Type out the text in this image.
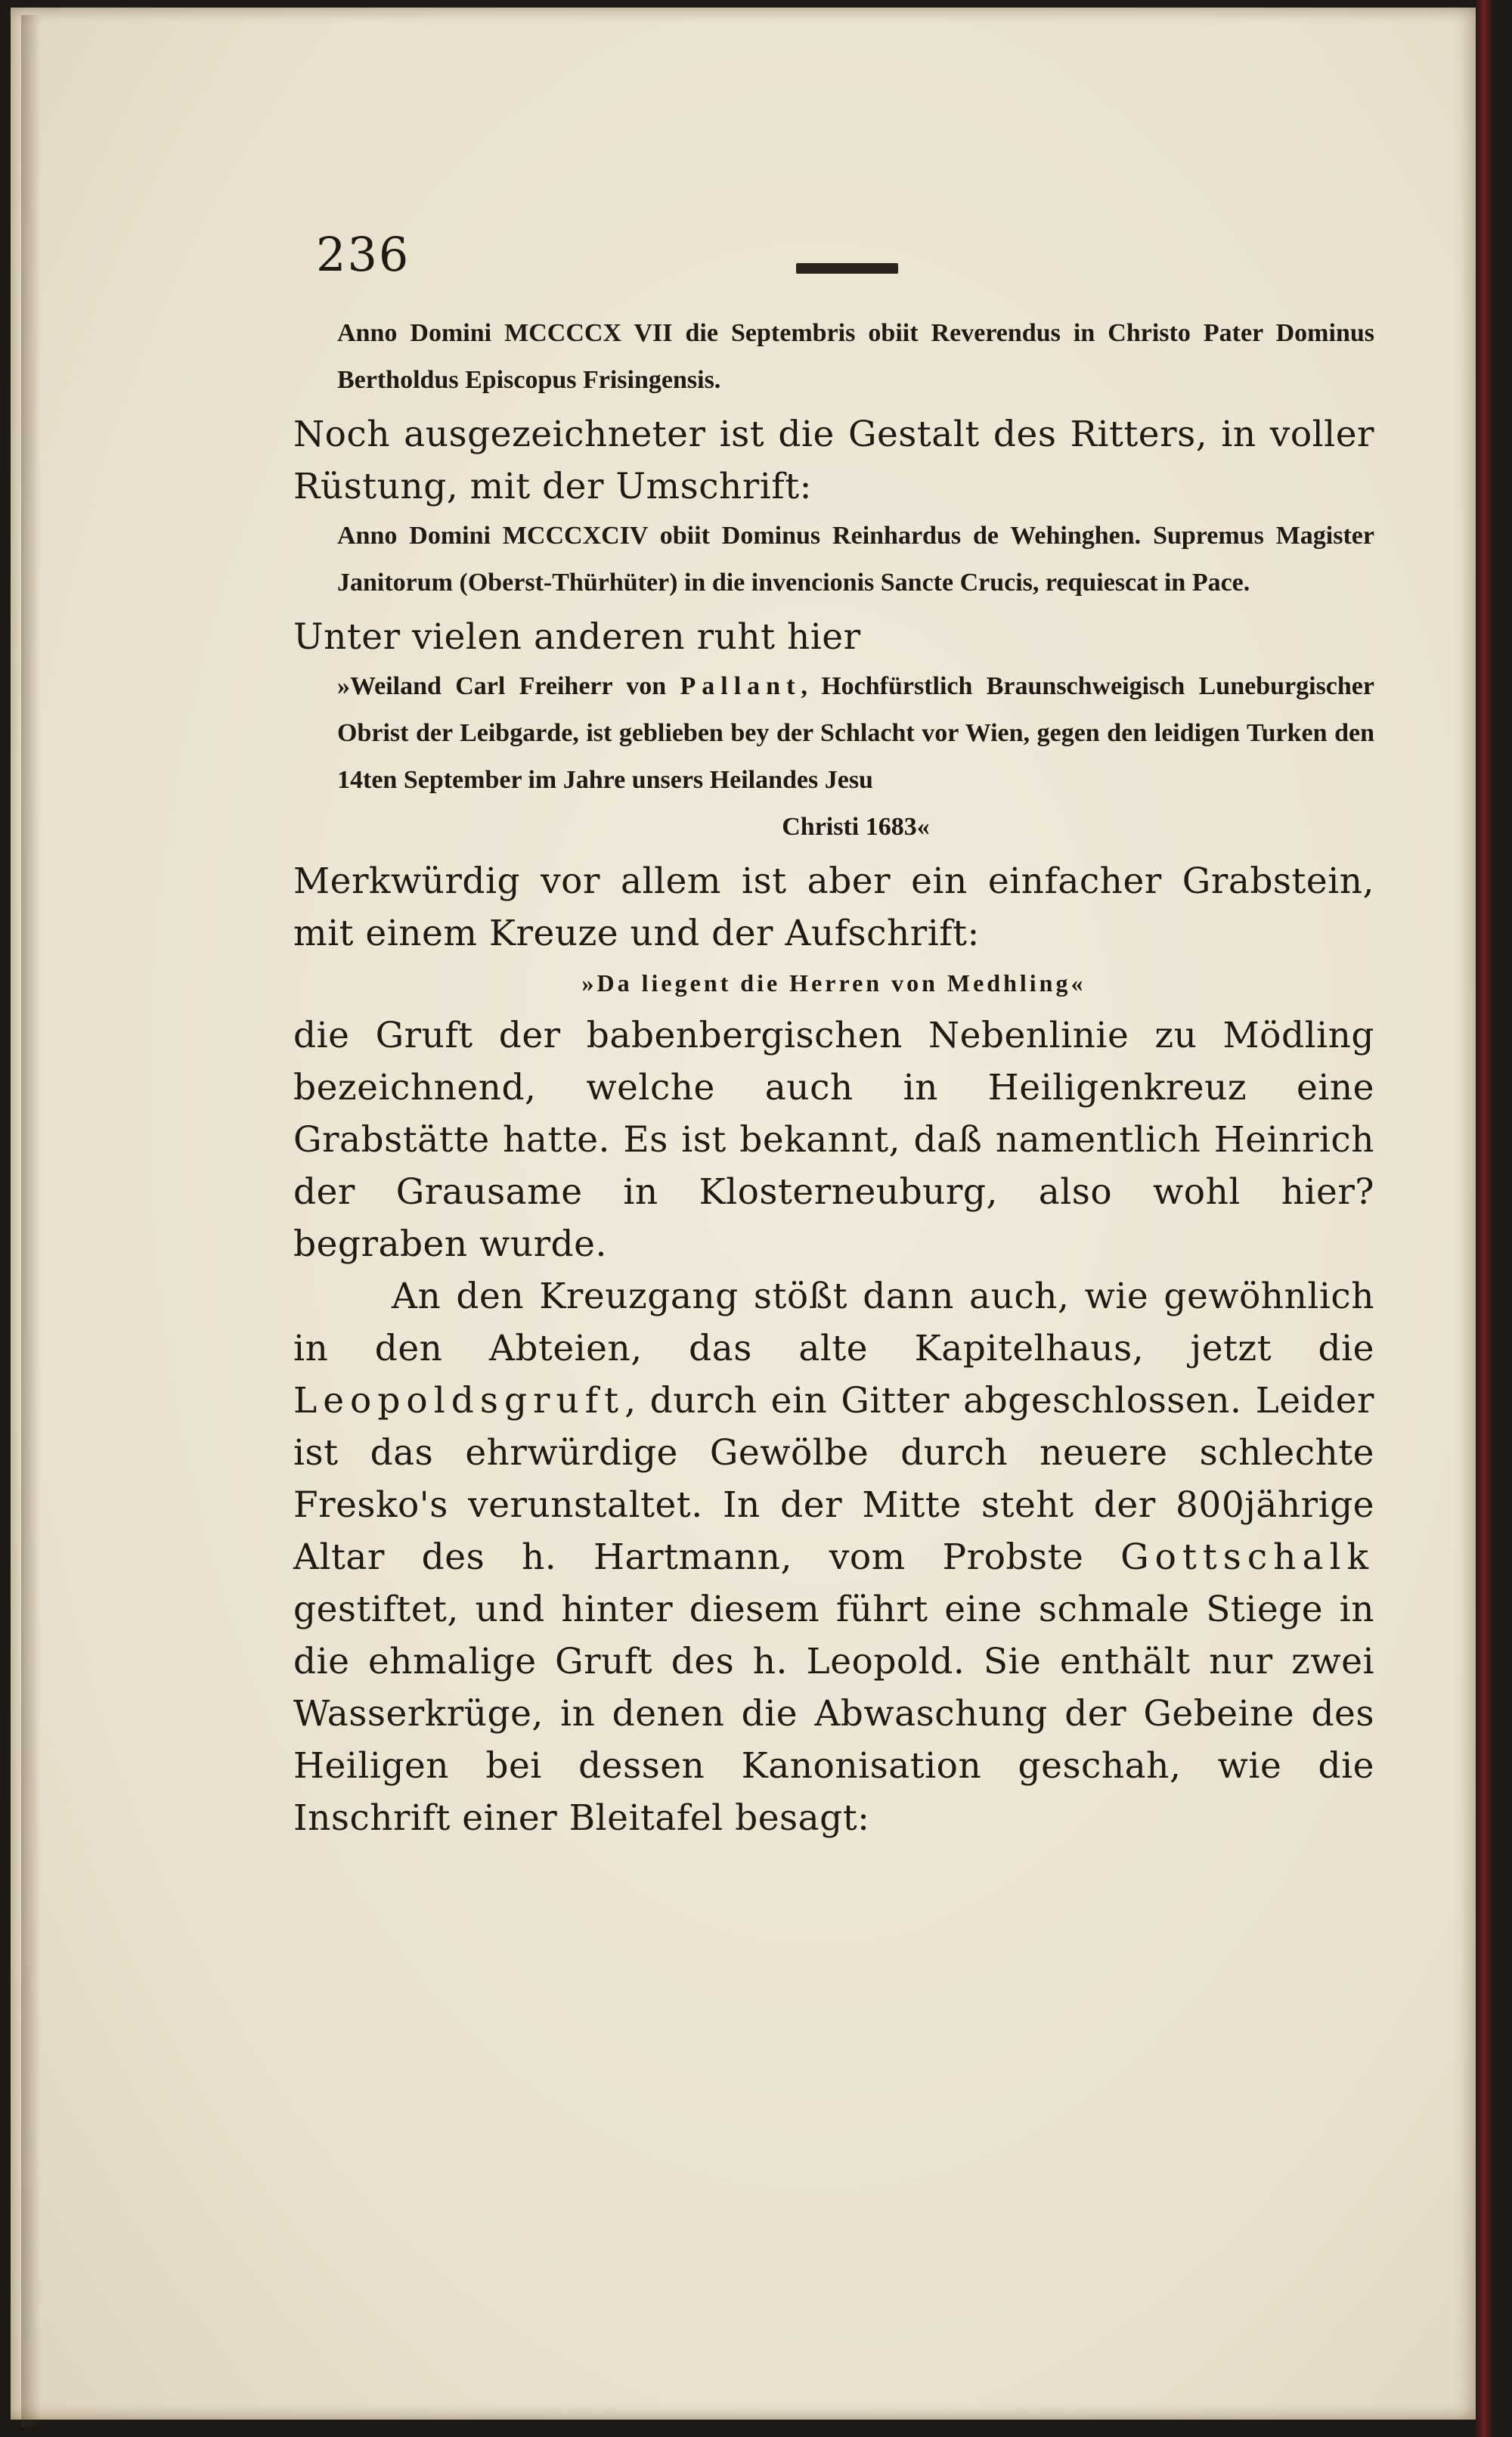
236

Anno Domini MCCCCX VII die Septembris obiit Reverendus in Christo Pater Dominus Bertholdus Episcopus Frisingensis.

Noch ausgezeichneter ist die Gestalt des Ritters, in voller Rüstung, mit der Umschrift:

Anno Domini MCCCXCIV obiit Dominus Reinhardus de Wehinghen. Supremus Magister Janitorum (Oberst-Thürhüter) in die invencionis Sancte Crucis, requiescat in Pace.

Unter vielen anderen ruht hier

»Weiland Carl Freiherr von Pallant, Hochfürstlich Braunschweigisch Luneburgischer Obrist der Leibgarde, ist geblieben bey der Schlacht vor Wien, gegen den leidigen Turken den 14ten September im Jahre unsers Heilandes Jesu
Christi 1683«

Merkwürdig vor allem ist aber ein einfacher Grabstein, mit einem Kreuze und der Aufschrift:

»Da liegent die Herren von Medhling«

die Gruft der babenbergischen Nebenlinie zu Mödling bezeichnend, welche auch in Heiligenkreuz eine Grabstätte hatte. Es ist bekannt, daß namentlich Heinrich der Grausame in Klosterneuburg, also wohl hier? begraben wurde.

An den Kreuzgang stößt dann auch, wie gewöhnlich in den Abteien, das alte Kapitelhaus, jetzt die Leopoldsgruft, durch ein Gitter abgeschlossen. Leider ist das ehrwürdige Gewölbe durch neuere schlechte Fresko's verunstaltet. In der Mitte steht der 800jährige Altar des h. Hartmann, vom Probste Gottschalk gestiftet, und hinter diesem führt eine schmale Stiege in die ehmalige Gruft des h. Leopold. Sie enthält nur zwei Wasserkrüge, in denen die Abwaschung der Gebeine des Heiligen bei dessen Kanonisation geschah, wie die Inschrift einer Bleitafel besagt:
